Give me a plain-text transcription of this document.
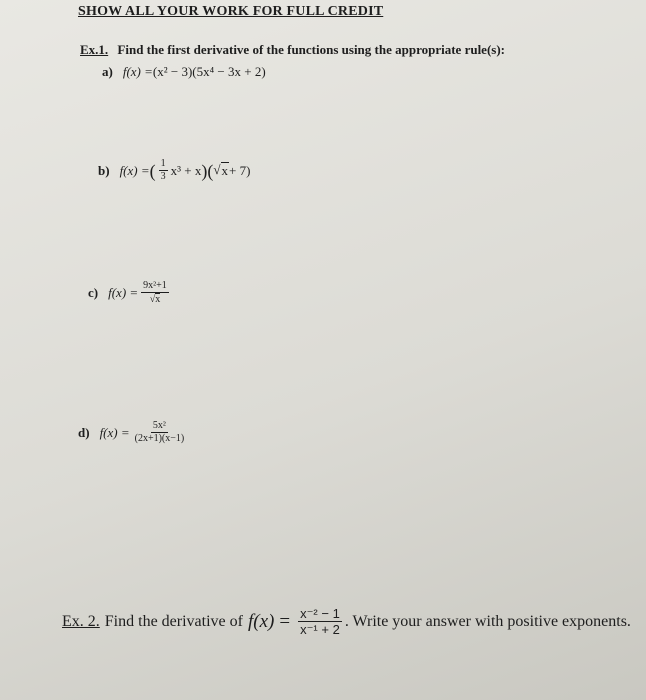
SHOW ALL YOUR WORK FOR FULL CREDIT
Ex.1. Find the first derivative of the functions using the appropriate rule(s):
a) f(x) = (x² − 3)(5x⁴ − 3x + 2)
b) f(x) = ( $\frac{1}{3} x^3 + x$ ) ( √ x + 7)
c) $f(x) = \frac{\text{9x²+1}}{√x}$
d) $f(x) = \frac{\text{5x²}}{(2x+1)(x-1)}$
Ex. 2. Find the derivative of $f(x) = \frac{\text{x⁻² − 1}}{\text{x⁻¹ + 2}}$ . Write your answer with positive exponents.
